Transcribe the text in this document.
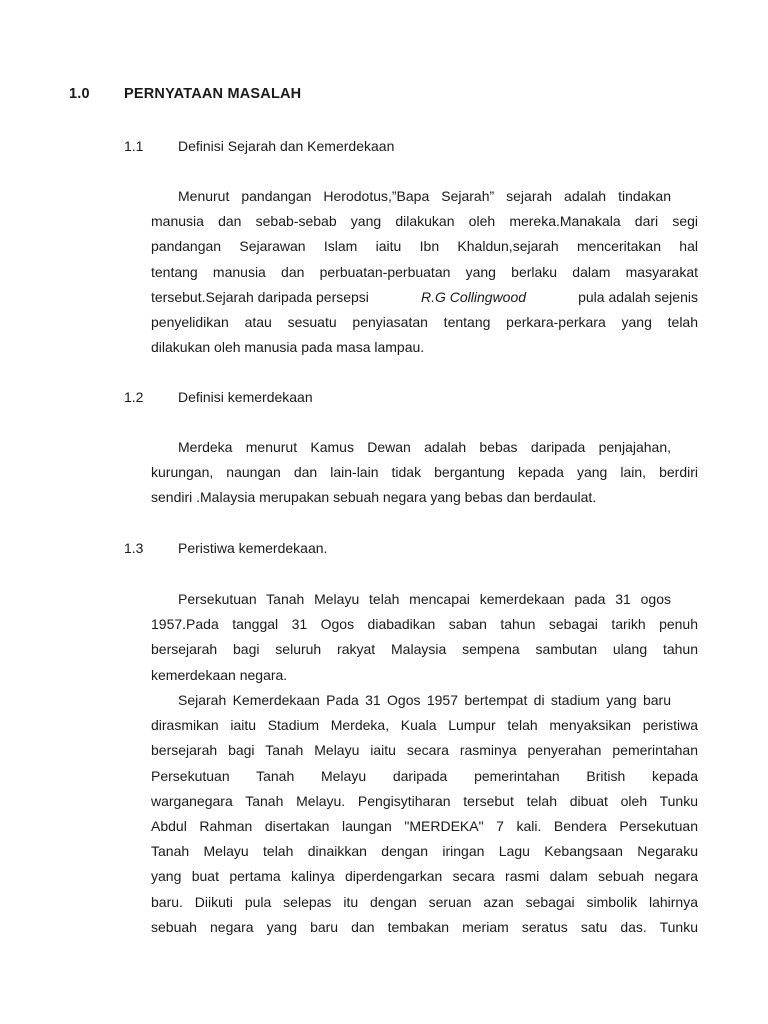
1.0 PERNYATAAN MASALAH
1.1 Definisi Sejarah dan Kemerdekaan
Menurut pandangan Herodotus,”Bapa Sejarah” sejarah adalah tindakan
manusia dan sebab-sebab yang dilakukan oleh mereka.Manakala dari segi
pandangan Sejarawan Islam iaitu Ibn Khaldun,sejarah menceritakan hal
tentang manusia dan perbuatan-perbuatan yang berlaku dalam masyarakat
tersebut.Sejarah daripada persepsi	R.G Collingwood	pula adalah sejenis
penyelidikan atau sesuatu penyiasatan tentang perkara-perkara yang telah
dilakukan oleh manusia pada masa lampau.
1.2 Definisi kemerdekaan
Merdeka menurut Kamus Dewan adalah bebas daripada penjajahan,
kurungan, naungan dan lain-lain tidak bergantung kepada yang lain, berdiri
sendiri .Malaysia merupakan sebuah negara yang bebas dan berdaulat.
1.3 Peristiwa kemerdekaan.
Persekutuan Tanah Melayu telah mencapai kemerdekaan pada 31 ogos
1957.Pada tanggal 31 Ogos diabadikan saban tahun sebagai tarikh penuh
bersejarah bagi seluruh rakyat Malaysia sempena sambutan ulang tahun
kemerdekaan negara.
Sejarah Kemerdekaan Pada 31 Ogos 1957 bertempat di stadium yang baru
dirasmikan iaitu Stadium Merdeka, Kuala Lumpur telah menyaksikan peristiwa
bersejarah bagi Tanah Melayu iaitu secara rasminya penyerahan pemerintahan
Persekutuan Tanah Melayu daripada pemerintahan British kepada
warganegara Tanah Melayu. Pengisytiharan tersebut telah dibuat oleh Tunku
Abdul Rahman disertakan laungan "MERDEKA" 7 kali. Bendera Persekutuan
Tanah Melayu telah dinaikkan dengan iringan Lagu Kebangsaan Negaraku
yang buat pertama kalinya diperdengarkan secara rasmi dalam sebuah negara
baru. Diikuti pula selepas itu dengan seruan azan sebagai simbolik lahirnya
sebuah negara yang baru dan tembakan meriam seratus satu das. Tunku
